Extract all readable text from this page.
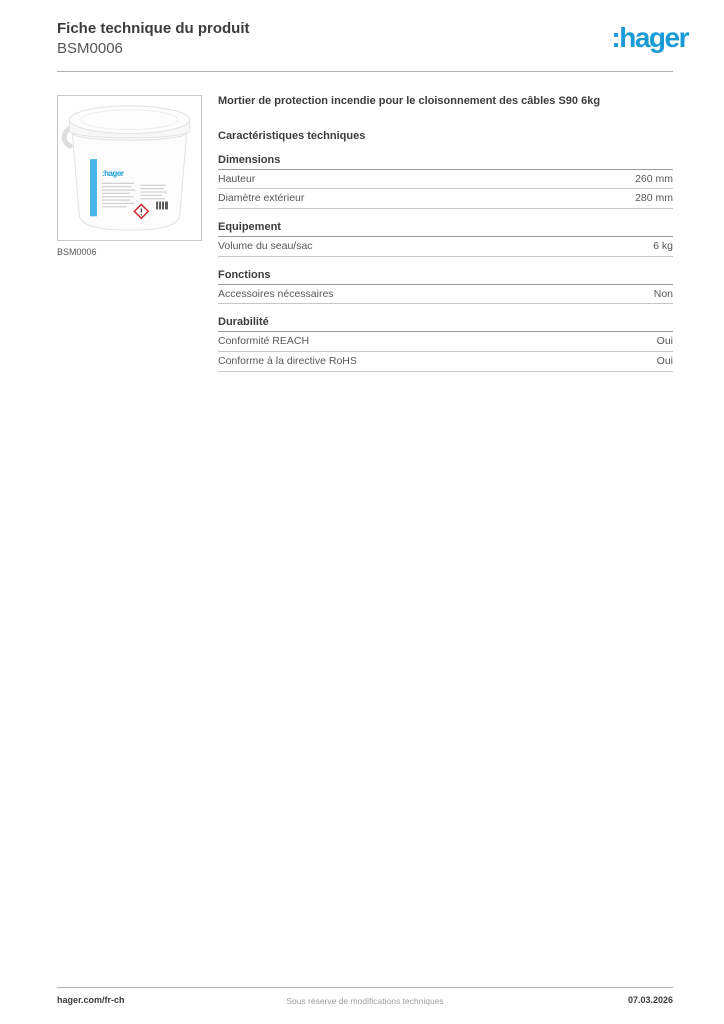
Fiche technique du produit
BSM0006	:hager
:hager
BSM0006
Mortier de protection incendie pour le cloisonnement des câbles S90 6kg
Caractéristiques techniques
Dimensions
Hauteur	260 mm
Diamètre extérieur	280 mm
Equipement
Volume du seau/sac	6 kg
Fonctions
Accessoires nécessaires	Non
Durabilité
Conformité REACH	Oui
Conforme à la directive RoHS	Oui
hager.com/fr-ch	Sous réserve de modifications techniques	07.03.2026
